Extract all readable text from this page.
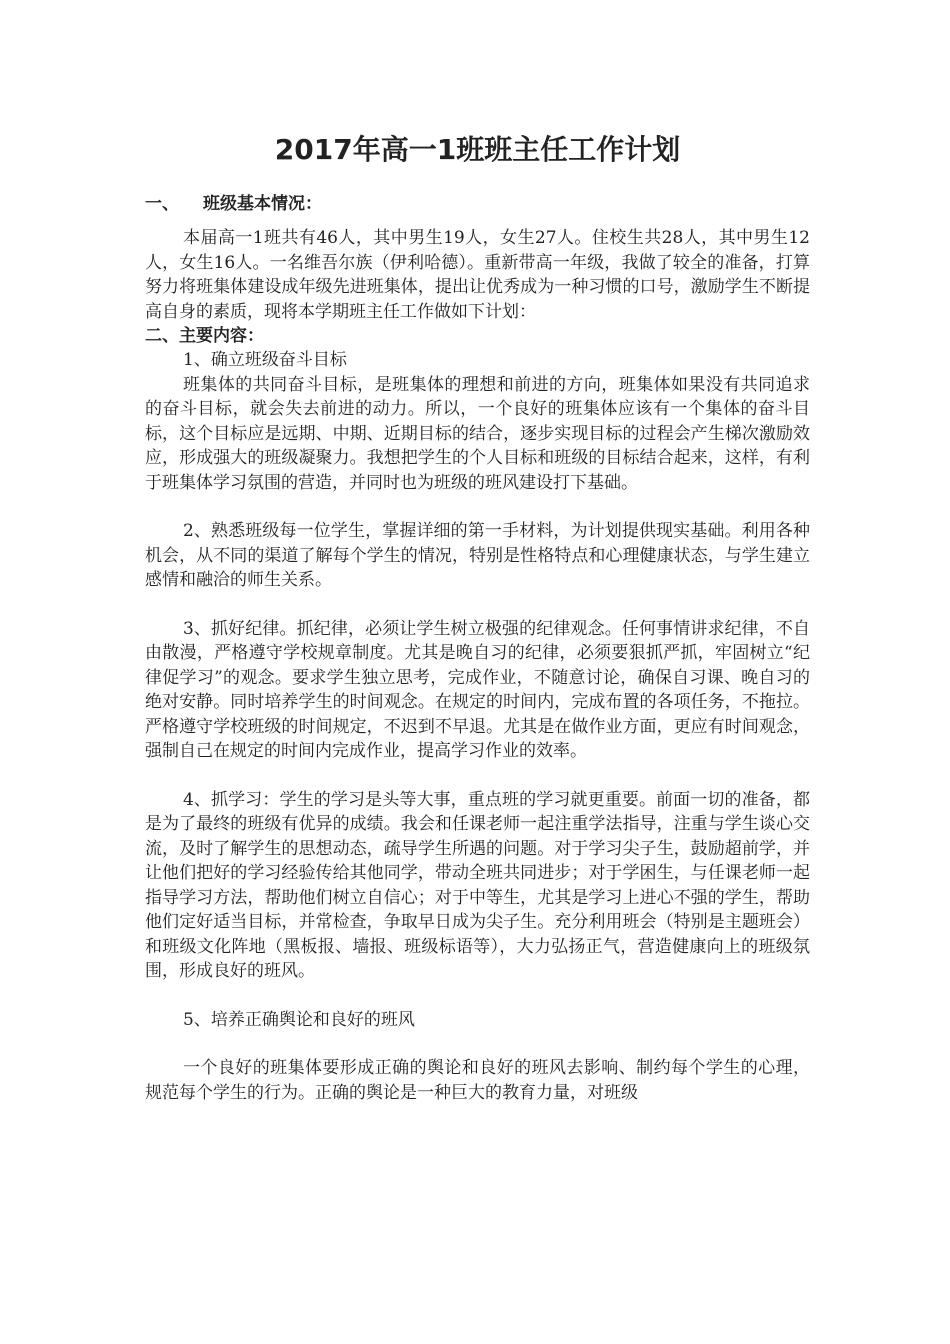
2017年高一1班班主任工作计划

一、 班级基本情况：

本届高一1班共有46人，其中男生19人，女生27人。住校生共28人，其中男生12人，女生16人。一名维吾尔族（伊利哈德）。重新带高一年级，我做了较全的准备，打算努力将班集体建设成年级先进班集体，提出让优秀成为一种习惯的口号，激励学生不断提高自身的素质，现将本学期班主任工作做如下计划：

二、主要内容：

1、确立班级奋斗目标

班集体的共同奋斗目标，是班集体的理想和前进的方向，班集体如果没有共同追求的奋斗目标，就会失去前进的动力。所以，一个良好的班集体应该有一个集体的奋斗目标，这个目标应是远期、中期、近期目标的结合，逐步实现目标的过程会产生梯次激励效应，形成强大的班级凝聚力。我想把学生的个人目标和班级的目标结合起来，这样，有利于班集体学习氛围的营造，并同时也为班级的班风建设打下基础。

2、熟悉班级每一位学生，掌握详细的第一手材料，为计划提供现实基础。利用各种机会，从不同的渠道了解每个学生的情况，特别是性格特点和心理健康状态，与学生建立感情和融洽的师生关系。

3、抓好纪律。抓纪律，必须让学生树立极强的纪律观念。任何事情讲求纪律，不自由散漫，严格遵守学校规章制度。尤其是晚自习的纪律，必须要狠抓严抓，牢固树立“纪律促学习”的观念。要求学生独立思考，完成作业，不随意讨论，确保自习课、晚自习的绝对安静。同时培养学生的时间观念。在规定的时间内，完成布置的各项任务，不拖拉。严格遵守学校班级的时间规定，不迟到不早退。尤其是在做作业方面，更应有时间观念，强制自己在规定的时间内完成作业，提高学习作业的效率。

4、抓学习：学生的学习是头等大事，重点班的学习就更重要。前面一切的准备，都是为了最终的班级有优异的成绩。我会和任课老师一起注重学法指导，注重与学生谈心交流，及时了解学生的思想动态，疏导学生所遇的问题。对于学习尖子生，鼓励超前学，并让他们把好的学习经验传给其他同学，带动全班共同进步；对于学困生，与任课老师一起指导学习方法，帮助他们树立自信心；对于中等生，尤其是学习上进心不强的学生，帮助他们定好适当目标，并常检查，争取早日成为尖子生。充分利用班会（特别是主题班会）和班级文化阵地（黑板报、墙报、班级标语等），大力弘扬正气，营造健康向上的班级氛围，形成良好的班风。

5、培养正确舆论和良好的班风

一个良好的班集体要形成正确的舆论和良好的班风去影响、制约每个学生的心理，规范每个学生的行为。正确的舆论是一种巨大的教育力量，对班级
